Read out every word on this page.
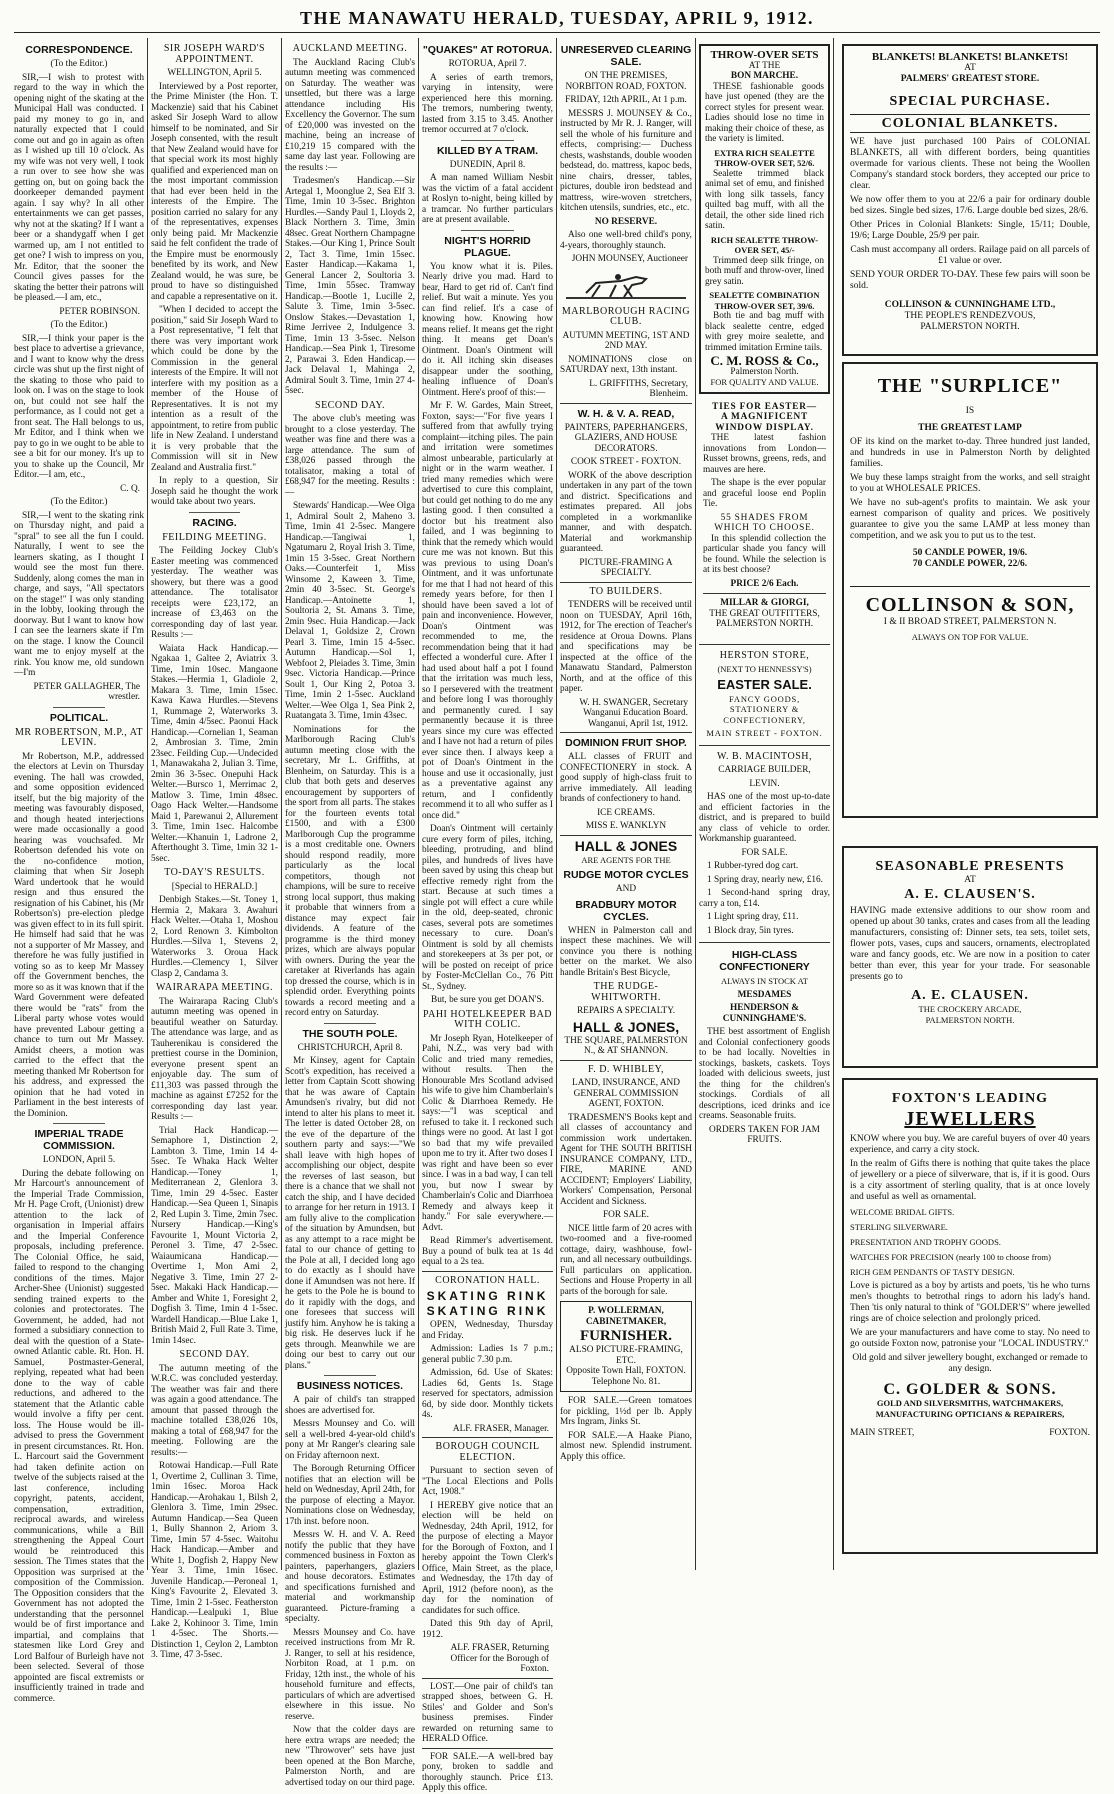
THE MANAWATU HERALD, TUESDAY, APRIL 9, 1912.

CORRESPONDENCE.

(To the Editor.)

SIR,—I wish to protest with regard to the way in which the opening night of the skating at the Municipal Hall was conducted. I paid my money to go in, and naturally expected that I could come out and go in again as often as I wished up till 10 o'clock. As my wife was not very well, I took a run over to see how she was getting on, but on going back the doorkeeper demanded payment again. I say why? In all other entertainments we can get passes, why not at the skating? If I want a beer or a shandygaff when I get warmed up, am I not entitled to get one? I wish to impress on you, Mr. Editor, that the sooner the Council gives passes for the skating the better their patrons will be pleased.—I am, etc.,

PETER ROBINSON.

(To the Editor.)

SIR,—I think your paper is the best place to advertise a grievance, and I want to know why the dress circle was shut up the first night of the skating to those who paid to look on. I was on the stage to look on, but could not see half the performance, as I could not get a front seat. The Hall belongs to us, Mr Editor, and I think when we pay to go in we ought to be able to see a bit for our money. It's up to you to shake up the Council, Mr Editor.—I am, etc.,

C. Q.

(To the Editor.)

SIR,—I went to the skating rink on Thursday night, and paid a "spral" to see all the fun I could. Naturally, I went to see the learners skating, as I thought I would see the most fun there. Suddenly, along comes the man in charge, and says, "All spectators on the stage!" I was only standing in the lobby, looking through the doorway. But I want to know how I can see the learners skate if I'm on the stage. I know the Council want me to enjoy myself at the rink. You know me, old sundown—I'm

PETER GALLAGHER, The wrestler.

POLITICAL.

MR ROBERTSON, M.P., AT LEVIN.

Mr Robertson, M.P., addressed the electors at Levin on Thursday evening. The hall was crowded, and some opposition evidenced itself, but the big majority of the meeting was favourably disposed, and though heated interjections were made occasionally a good hearing was vouchsafed. Mr Robertson defended his vote on the no-confidence motion, claiming that when Sir Joseph Ward undertook that he would resign and thus ensured the resignation of his Cabinet, his (Mr Robertson's) pre-election pledge was given effect to in its full spirit. He himself had said that he was not a supporter of Mr Massey, and therefore he was fully justified in voting so as to keep Mr Massey off the Government benches, the more so as it was known that if the Ward Government were defeated there would be "rats" from the Liberal party whose votes would have prevented Labour getting a chance to turn out Mr Massey. Amidst cheers, a motion was carried to the effect that the meeting thanked Mr Robertson for his address, and expressed the opinion that he had voted in Parliament in the best interests of the Dominion.

IMPERIAL TRADE COMMISSION.

LONDON, April 5.

During the debate following on Mr Harcourt's announcement of the Imperial Trade Commission, Mr H. Page Croft, (Unionist) drew attention to the lack of organisation in Imperial affairs and the Imperial Conference proposals, including preference. The Colonial Office, he said, failed to respond to the changing conditions of the times. Major Archer-Shee (Unionist) suggested sending trained experts to the colonies and protectorates. The Government, he added, had not formed a subsidiary connection to deal with the question of a State-owned Atlantic cable. Rt. Hon. H. Samuel, Postmaster-General, replying, repeated what had been done to the way of cable reductions, and adhered to the statement that the Atlantic cable would involve a fifty per cent. loss. The House would be ill-advised to press the Government in present circumstances. Rt. Hon. L. Harcourt said the Government had taken definite action on twelve of the subjects raised at the last conference, including copyright, patents, accident, compensation, extradition, reciprocal awards, and wireless communications, while a Bill strengthening the Appeal Court would be reintroduced this session. The Times states that the Opposition was surprised at the composition of the Commission. The Opposition considers that the Government has not adopted the understanding that the personnel would be of first importance and impartial, and complains that statesmen like Lord Grey and Lord Balfour of Burleigh have not been selected. Several of those appointed are fiscal extremists or insufficiently trained in trade and commerce.

SIR JOSEPH WARD'S APPOINTMENT.

WELLINGTON, April 5.

Interviewed by a Post reporter, the Prime Minister (the Hon. T. Mackenzie) said that his Cabinet asked Sir Joseph Ward to allow himself to be nominated, and Sir Joseph consented, with the result that New Zealand would have for that special work its most highly qualified and experienced man on the most important commission that had ever been held in the interests of the Empire. The position carried no salary for any of the representatives, expenses only being paid. Mr Mackenzie said he felt confident the trade of the Empire must be enormously benefited by its work, and New Zealand would, he was sure, be proud to have so distinguished and capable a representative on it.

"When I decided to accept the position," said Sir Joseph Ward to a Post representative, "I felt that there was very important work which could be done by the Commission in the general interests of the Empire. It will not interfere with my position as a member of the House of Representatives. It is not my intention as a result of the appointment, to retire from public life in New Zealand. I understand it is very probable that the Commission will sit in New Zealand and Australia first."

In reply to a question, Sir Joseph said he thought the work would take about two years.

RACING.

FEILDING MEETING.

The Feilding Jockey Club's Easter meeting was commenced yesterday. The weather was showery, but there was a good attendance. The totalisator receipts were £23,172, an increase of £3,463 on the corresponding day of last year. Results :—

Waiata Hack Handicap.—Ngakaa 1, Galtee 2, Aviatrix 3. Time, 1min 10sec. Mangaone Stakes.—Hermia 1, Gladiole 2, Makara 3. Time, 1min 15sec. Kawa Kawa Hurdles.—Stevens 1, Rummage 2, Waterworks 3. Time, 4min 4/5sec. Paonui Hack Handicap.—Cornelian 1, Seaman 2, Ambrosian 3. Time, 2min 23sec. Feilding Cup.—Undecided 1, Manawakaha 2, Julian 3. Time, 2min 36 3-5sec. Onepuhi Hack Welter.—Bursco 1, Merrimac 2, Matlow 3. Time, 1min 48sec. Oago Hack Welter.—Handsome Maid 1, Parewanui 2, Allurement 3. Time, 1min 1sec. Halcombe Welter.—Khanuin 1, Ladrone 2, Afterthought 3. Time, 1min 32 1-5sec.

TO-DAY'S RESULTS.

[Special to HERALD.]

Denbigh Stakes.—St. Toney 1, Hermia 2, Makara 3. Awahuri Hack Welter.—Otaha 1, Moshou 2, Lord Renown 3. Kimbolton Hurdles.—Silva 1, Stevens 2, Waterworks 3. Oroua Hack Hurdles.—Clemency 1, Silver Clasp 2, Candama 3.

WAIRARAPA MEETING.

The Wairarapa Racing Club's autumn meeting was opened in beautiful weather on Saturday. The attendance was large, and as Tauherenikau is considered the prettiest course in the Dominion, everyone present spent an enjoyable day. The sum of £11,303 was passed through the machine as against £7252 for the corresponding day last year. Results :—

Trial Hack Handicap.—Semaphore 1, Distinction 2, Lambton 3. Time, 1min 14 4-5sec. Te Whaka Hack Welter Handicap.—Toney 1, Mediterranean 2, Glenlora 3. Time, 1min 29 4-5sec. Easter Handicap.—Sea Queen 1, Sinapis 2, Red Lupin 3. Time, 2min 7sec. Nursery Handicap.—King's Favourite 1, Mount Victoria 2, Peronel 3. Time, 47 2-5sec. Waiaumicana Handicap.—Overtime 1, Mon Ami 2, Negative 3. Time, 1min 27 2-5sec. Makaki Hack Handicap.—Amber and White 1, Foresight 2, Dogfish 3. Time, 1min 4 1-5sec. Wardell Handicap.—Blue Lake 1, British Maid 2, Full Rate 3. Time, 1min 14sec.

SECOND DAY.

The autumn meeting of the W.R.C. was concluded yesterday. The weather was fair and there was again a good attendance. The amount that passed through the machine totalled £38,026 10s, making a total of £68,947 for the meeting. Following are the results:—

Rotowai Handicap.—Full Rate 1, Overtime 2, Cullinan 3. Time, 1min 16sec. Moroa Hack Handicap.—Arohakau 1, Bilsh 2, Glenlora 3. Time, 1min 29sec. Autumn Handicap.—Sea Queen 1, Bully Shannon 2, Ariom 3. Time, 1min 57 4-5sec. Waitohu Hack Handicap.—Amber and White 1, Dogfish 2, Happy New Year 3. Time, 1min 16sec. Juvenile Handicap.—Peroneal 1, King's Favourite 2, Elevated 3. Time, 1min 2 1-5sec. Featherston Handicap.—Lealpuki 1, Blue Lake 2, Kohinoor 3. Time, 1min 1 4-5sec. The Shorts.—Distinction 1, Ceylon 2, Lambton 3. Time, 47 3-5sec.

AUCKLAND MEETING.

The Auckland Racing Club's autumn meeting was commenced on Saturday. The weather was unsettled, but there was a large attendance including His Excellency the Governor. The sum of £20,000 was invested on the machine, being an increase of £10,219 15 compared with the same day last year. Following are the results :—

Tradesmen's Handicap.—Sir Artegal 1, Moonglue 2, Sea Elf 3. Time, 1min 10 3-5sec. Brighton Hurdles.—Sandy Paul 1, Lloyds 2, Black Northern 3. Time, 3min 48sec. Great Northern Champagne Stakes.—Our King 1, Prince Soult 2, Tact 3. Time, 1min 15sec. Easter Handicap.—Kakama 1, General Lancer 2, Soultoria 3. Time, 1min 55sec. Tramway Handicap.—Bootle 1, Lucille 2, Salute 3. Time, 1min 3-5sec. Onslow Stakes.—Devastation 1, Rime Jerrivee 2, Indulgence 3. Time, 1min 13 3-5sec. Nelson Handicap.—Sea Pink 1, Tiresome 2, Parawai 3. Eden Handicap.—Jack Delaval 1, Mahinga 2, Admiral Soult 3. Time, 1min 27 4-5sec.

SECOND DAY.

The above club's meeting was brought to a close yesterday. The weather was fine and there was a large attendance. The sum of £38,026 passed through the totalisator, making a total of £68,947 for the meeting. Results :—

Stewards' Handicap.—Wee Olga 1, Admiral Soult 2, Maheno 3. Time, 1min 41 2-5sec. Mangere Handicap.—Tangiwai 1, Ngatumaru 2, Royal Irish 3. Time, 1min 15 3-5sec. Great Northern Oaks.—Counterfeit 1, Miss Winsome 2, Kaween 3. Time, 2min 40 3-5sec. St. George's Handicap.—Antoinette 1, Soultoria 2, St. Amans 3. Time, 2min 9sec. Huia Handicap.—Jack Delaval 1, Goldsize 2, Crown Pearl 3. Time, 1min 15 4-5sec. Autumn Handicap.—Sol 1, Webfoot 2, Pleiades 3. Time, 3min 9sec. Victoria Handicap.—Prince Soult 1, Our King 2, Potoa 3. Time, 1min 2 1-5sec. Auckland Welter.—Wee Olga 1, Sea Pink 2, Ruatangata 3. Time, 1min 43sec.

Nominations for the Marlborough Racing Club's autumn meeting close with the secretary, Mr L. Griffiths, at Blenheim, on Saturday. This is a club that both gets and deserves encouragement by supporters of the sport from all parts. The stakes for the fourteen events total £1500, and with a £300 Marlborough Cup the programme is a most creditable one. Owners should respond readily, more particularly as the local competitors, though not champions, will be sure to receive strong local support, thus making it probable that winners from a distance may expect fair dividends. A feature of the programme is the third money prizes, which are always popular with owners. During the year the caretaker at Riverlands has again top dressed the course, which is in splendid order. Everything points towards a record meeting and a record entry on Saturday.

THE SOUTH POLE.

CHRISTCHURCH, April 8.

Mr Kinsey, agent for Captain Scott's expedition, has received a letter from Captain Scott showing that he was aware of Captain Amundsen's rivalry, but did not intend to alter his plans to meet it. The letter is dated October 28, on the eve of the departure of the southern party and says:—"We shall leave with high hopes of accomplishing our object, despite the reverses of last season, but there is a chance that we shall not catch the ship, and I have decided to arrange for her return in 1913. I am fully alive to the complication of the situation by Amundsen, but as any attempt to a race might be fatal to our chance of getting to the Pole at all, I decided long ago to do exactly as I should have done if Amundsen was not here. If he gets to the Pole he is bound to do it rapidly with the dogs, and one foresees that success will justify him. Anyhow he is taking a big risk. He deserves luck if he gets through. Meanwhile we are doing our best to carry out our plans."

BUSINESS NOTICES.

A pair of child's tan strapped shoes are advertised for.

Messrs Mounsey and Co. will sell a well-bred 4-year-old child's pony at Mr Ranger's clearing sale on Friday afternoon next.

The Borough Returning Officer notifies that an election will be held on Wednesday, April 24th, for the purpose of electing a Mayor. Nominations close on Wednesday, 17th inst. before noon.

Messrs W. H. and V. A. Reed notify the public that they have commenced business in Foxton as painters, paperhangers, glaziers and house decorators. Estimates and specifications furnished and material and workmanship guaranteed. Picture-framing a specialty.

Messrs Mounsey and Co. have received instructions from Mr R. J. Ranger, to sell at his residence, Norbiton Road, at 1 p.m. on Friday, 12th inst., the whole of his household furniture and effects, particulars of which are advertised elsewhere in this issue. No reserve.

Now that the colder days are here extra wraps are needed; the new "Throwover" sets have just been opened at the Bon Marche, Palmerston North, and are advertised today on our third page.

"QUAKES" AT ROTORUA.

ROTORUA, April 7.

A series of earth tremors, varying in intensity, were experienced here this morning. The tremors, numbering twenty, lasted from 3.15 to 3.45. Another tremor occurred at 7 o'clock.

KILLED BY A TRAM.

DUNEDIN, April 8.

A man named William Nesbit was the victim of a fatal accident at Roslyn to-night, being killed by a tramcar. No further particulars are at present available.

NIGHT'S HORRID PLAGUE.

You know what it is. Piles. Nearly drive you mad. Hard to bear, Hard to get rid of. Can't find relief. But wait a minute. Yes you can find relief. It's a case of knowing how. Knowing how means relief. It means get the right thing. It means get Doan's Ointment. Doan's Ointment will do it. All itching skin diseases disappear under the soothing, healing influence of Doan's Ointment. Here's proof of this:—

Mr F. W. Gardes, Main Street, Foxton, says:—"For five years I suffered from that awfully trying complaint—itching piles. The pain and irritation were sometimes almost unbearable, particularly at night or in the warm weather. I tried many remedies which were advertised to cure this complaint, but could get nothing to do me any lasting good. I then consulted a doctor but his treatment also failed, and I was beginning to think that the remedy which would cure me was not known. But this was previous to using Doan's Ointment, and it was unfortunate for me that I had not heard of this remedy years before, for then I should have been saved a lot of pain and inconvenience. However, Doan's Ointment was recommended to me, the recommendation being that it had effected a wonderful cure. After I had used about half a pot I found that the irritation was much less, so I persevered with the treatment and before long I was thoroughly and permanently cured. I say permanently because it is three years since my cure was effected and I have not had a return of piles ever since then. I always keep a pot of Doan's Ointment in the house and use it occasionally, just as a preventative against any return, and I confidently recommend it to all who suffer as I once did."

Doan's Ointment will certainly cure every form of piles, itching, bleeding, protruding, and blind piles, and hundreds of lives have been saved by using this cheap but effective remedy right from the start. Because at such times a single pot will effect a cure while in the old, deep-seated, chronic cases, several pots are sometimes necessary to cure. Doan's Ointment is sold by all chemists and storekeepers at 3s per pot, or will be posted on receipt of price by Foster-McClellan Co., 76 Pitt St., Sydney.

But, be sure you get DOAN'S.

PAHI HOTELKEEPER BAD WITH COLIC.

Mr Joseph Ryan, Hotelkeeper of Pahi, N.Z., was very bad with Colic and tried many remedies, without results. Then the Honourable Mrs Scotland advised his wife to give him Chamberlain's Colic & Diarrhoea Remedy. He says:—"I was sceptical and refused to take it. I reckoned such things were no good. At last I got so bad that my wife prevailed upon me to try it. After two doses I was right and have been so ever since. I was in a bad way, I can tell you, but now I swear by Chamberlain's Colic and Diarrhoea Remedy and always keep it handy." For sale everywhere.—Advt.

Read Rimmer's advertisement. Buy a pound of bulk tea at 1s 4d equal to a 2s tea.

CORONATION HALL.

SKATING RINK

SKATING RINK

OPEN, Wednesday, Thursday and Friday.

Admission: Ladies 1s 7 p.m.; general public 7.30 p.m.

Admission, 6d. Use of Skates: Ladies 6d, Gents 1s. Stage reserved for spectators, admission 6d, by side door. Monthly tickets 4s.

ALF. FRASER, Manager.

BOROUGH COUNCIL ELECTION.

Pursuant to section seven of "The Local Elections and Polls Act, 1908."

I HEREBY give notice that an election will be held on Wednesday, 24th April, 1912, for the purpose of electing a Mayor for the Borough of Foxton, and I hereby appoint the Town Clerk's Office, Main Street, as the place, and Wednesday, the 17th day of April, 1912 (before noon), as the day for the nomination of candidates for such office.

Dated this 9th day of April, 1912.

ALF. FRASER, Returning Officer for the Borough of Foxton.

LOST.—One pair of child's tan strapped shoes, between G. H. Stiles' and Golder and Son's business premises. Finder rewarded on returning same to HERALD Office.

FOR SALE.—A well-bred bay pony, broken to saddle and thoroughly staunch. Price £13. Apply this office.

UNRESERVED CLEARING SALE.

ON THE PREMISES, NORBITON ROAD, FOXTON.

FRIDAY, 12th APRIL, At 1 p.m.

MESSRS J. MOUNSEY & Co., instructed by Mr R. J. Ranger, will sell the whole of his furniture and effects, comprising:— Duchess chests, washstands, double wooden bedstead, do. mattress, kapoc beds, nine chairs, dresser, tables, pictures, double iron bedstead and mattress, wire-woven stretchers, kitchen utensils, sundries, etc., etc.

NO RESERVE.

Also one well-bred child's pony, 4-years, thoroughly staunch.

JOHN MOUNSEY, Auctioneer

MARLBOROUGH RACING CLUB.

AUTUMN MEETING, 1ST AND 2ND MAY.

NOMINATIONS close on SATURDAY next, 13th instant.

L. GRIFFITHS, Secretary, Blenheim.

W. H. & V. A. READ,

PAINTERS, PAPERHANGERS, GLAZIERS, AND HOUSE DECORATORS.

COOK STREET - FOXTON.

WORK of the above description undertaken in any part of the town and district. Specifications and estimates prepared. All jobs completed in a workmanlike manner, and with despatch. Material and workmanship guaranteed.

PICTURE-FRAMING A SPECIALTY.

TO BUILDERS.

TENDERS will be received until noon on TUESDAY, April 16th, 1912, for The erection of Teacher's residence at Oroua Downs. Plans and specifications may be inspected at the office of the Manawatu Standard, Palmerston North, and at the office of this paper.

W. H. SWANGER, Secretary Wanganui Education Board. Wanganui, April 1st, 1912.

DOMINION FRUIT SHOP.

ALL classes of FRUIT and CONFECTIONERY in stock. A good supply of high-class fruit to arrive immediately. All leading brands of confectionery to hand.

ICE CREAMS.

MISS E. WANKLYN

HALL & JONES

ARE AGENTS FOR THE

RUDGE MOTOR CYCLES

AND

BRADBURY MOTOR CYCLES.

WHEN in Palmerston call and inspect these machines. We will convince you there is nothing better on the market. We also handle Britain's Best Bicycle,

THE RUDGE-WHITWORTH.

REPAIRS A SPECIALTY.

HALL & JONES,

THE SQUARE, PALMERSTON N., & AT SHANNON.

F. D. WHIBLEY,

LAND, INSURANCE, AND GENERAL COMMISSION AGENT, FOXTON.

TRADESMEN'S Books kept and all classes of accountancy and commission work undertaken. Agent for THE SOUTH BRITISH INSURANCE COMPANY, LTD., FIRE, MARINE AND ACCIDENT; Employers' Liability, Workers' Compensation, Personal Accident and Sickness.

FOR SALE.

NICE little farm of 20 acres with two-roomed and a five-roomed cottage, dairy, washhouse, fowl-run, and all necessary outbuildings. Full particulars on application. Sections and House Property in all parts of the borough for sale.

P. WOLLERMAN,
CABINETMAKER,
FURNISHER.
ALSO PICTURE-FRAMING, ETC.
Opposite Town Hall, FOXTON.
Telephone No. 81.

FOR SALE.—Green tomatoes for pickling, 1½d per lb. Apply Mrs Ingram, Jinks St.

FOR SALE.—A Haake Piano, almost new. Splendid instrument. Apply this office.

THROW-OVER SETS
AT THE
BON MARCHE.

THESE fashionable goods have just opened (they are the correct styles for present wear. Ladies should lose no time in making their choice of these, as the variety is limited.

EXTRA RICH SEALETTE THROW-OVER SET, 52/6.

Sealette trimmed black animal set of emu, and finished with long silk tassels, fancy quilted bag muff, with all the detail, the other side lined rich satin.

RICH SEALETTE THROW-OVER SET, 45/-

Trimmed deep silk fringe, on both muff and throw-over, lined grey satin.

SEALETTE COMBINATION THROW-OVER SET, 39/6.

Both tie and bag muff with black sealette centre, edged with grey moire sealette, and trimmed imitation Ermine tails.

C. M. ROSS & Co.,
Palmerston North.
FOR QUALITY AND VALUE.
TIES FOR EASTER—
A MAGNIFICENT
WINDOW DISPLAY.

THE latest fashion innovations from London—Russet browns, greens, reds, and mauves are here.

The shape is the ever popular and graceful loose end Poplin Tie.

55 SHADES FROM WHICH TO CHOOSE.

In this splendid collection the particular shade you fancy will be found. While the selection is at its best choose?

PRICE 2/6 Each.
MILLAR & GIORGI,
THE GREAT OUTFITTERS,
PALMERSTON NORTH.

HERSTON STORE,

(NEXT TO HENNESSY'S)

EASTER SALE.

FANCY GOODS, STATIONERY & CONFECTIONERY,

MAIN STREET - FOXTON.

W. B. MACINTOSH,

CARRIAGE BUILDER,

LEVIN.

HAS one of the most up-to-date and efficient factories in the district, and is prepared to build any class of vehicle to order. Workmanship guaranteed.

FOR SALE.

1 Rubber-tyred dog cart.

1 Spring dray, nearly new, £16.

1 Second-hand spring dray, carry a ton, £14.

1 Light spring dray, £11.

1 Block dray, 5in tyres.

HIGH-CLASS CONFECTIONERY

ALWAYS IN STOCK AT

MESDAMES

HENDERSON & CUNNINGHAME'S.

THE best assortment of English and Colonial confectionery goods to be had locally. Novelties in stockings, baskets, caskets. Toys loaded with delicious sweets, just the thing for the children's stockings. Cordials of all descriptions, iced drinks and ice creams. Seasonable fruits.

ORDERS TAKEN FOR JAM FRUITS.

BLANKETS! BLANKETS! BLANKETS!
AT
PALMERS' GREATEST STORE.
SPECIAL PURCHASE.
COLONIAL BLANKETS.

WE have just purchased 100 Pairs of COLONIAL BLANKETS, all with different borders, being quantities overmade for various clients. These not being the Woollen Company's standard stock borders, they accepted our price to clear.

We now offer them to you at 22/6 a pair for ordinary double bed sizes. Single bed sizes, 17/6. Large double bed sizes, 28/6.

Other Prices in Colonial Blankets: Single, 15/11; Double, 19/6; Large Double, 25/9 per pair.

Cash must accompany all orders. Railage paid on all parcels of £1 value or over.

SEND YOUR ORDER TO-DAY. These few pairs will soon be sold.

COLLINSON & CUNNINGHAME LTD.,
THE PEOPLE'S RENDEZVOUS,
PALMERSTON NORTH.
THE "SURPLICE"
IS
THE GREATEST LAMP

OF its kind on the market to-day. Three hundred just landed, and hundreds in use in Palmerston North by delighted families.

We buy these lamps straight from the works, and sell straight to you at WHOLESALE PRICES.

We have no sub-agent's profits to maintain. We ask your earnest comparison of quality and prices. We positively guarantee to give you the same LAMP at less money than competition, and we ask you to put us to the test.

50 CANDLE POWER, 19/6.
70 CANDLE POWER, 22/6.
COLLINSON & SON,
I & II BROAD STREET, PALMERSTON N.
ALWAYS ON TOP FOR VALUE.
SEASONABLE PRESENTS
AT
A. E. CLAUSEN'S.

HAVING made extensive additions to our show room and opened up about 30 tanks, crates and cases from all the leading manufacturers, consisting of: Dinner sets, tea sets, toilet sets, flower pots, vases, cups and saucers, ornaments, electroplated ware and fancy goods, etc. We are now in a position to cater better than ever, this year for your trade. For seasonable presents go to

A. E. CLAUSEN.
THE CROCKERY ARCADE,
PALMERSTON NORTH.
FOXTON'S LEADING
JEWELLERS

KNOW where you buy. We are careful buyers of over 40 years experience, and carry a city stock.

In the realm of Gifts there is nothing that quite takes the place of jewellery or a piece of silverware, that is, if it is good. Ours is a city assortment of sterling quality, that is at once lovely and useful as well as ornamental.

WELCOME BRIDAL GIFTS.
STERLING SILVERWARE.
PRESENTATION AND TROPHY GOODS.
WATCHES FOR PRECISION (nearly 100 to choose from)
RICH GEM PENDANTS OF TASTY DESIGN.

Love is pictured as a boy by artists and poets, 'tis he who turns men's thoughts to betrothal rings to adorn his lady's hand. Then 'tis only natural to think of "GOLDER'S" where jewelled rings are of choice selection and prolongly priced.

We are your manufacturers and have come to stay. No need to go outside Foxton now, patronise your "LOCAL INDUSTRY."

Old gold and silver jewellery bought, exchanged or remade to any design.

C. GOLDER & SONS.
GOLD AND SILVERSMITHS, WATCHMAKERS, MANUFACTURING OPTICIANS & REPAIRERS,
MAIN STREET,	FOXTON.
